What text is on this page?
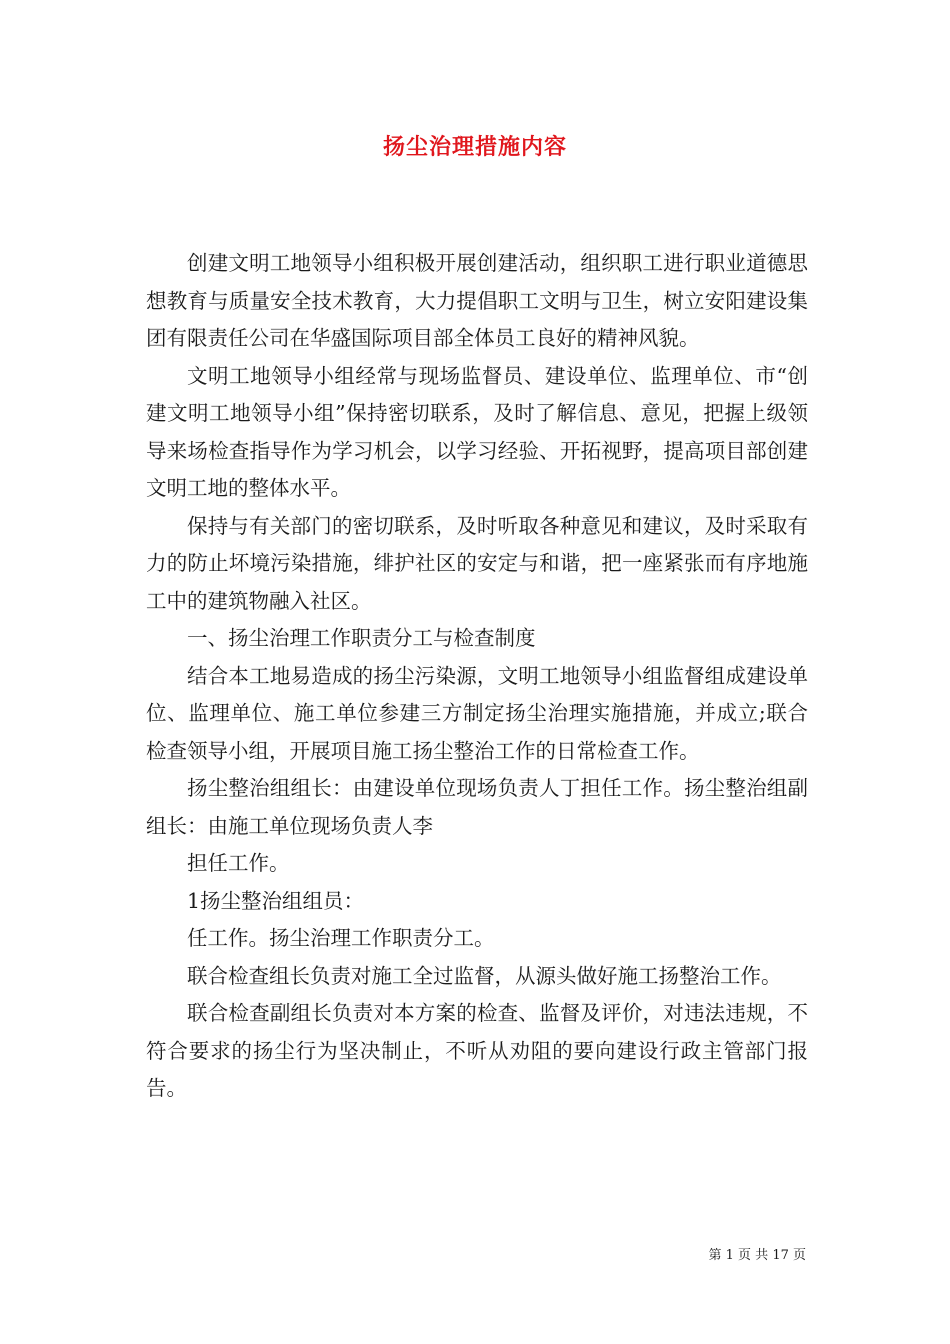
扬尘治理措施内容

创建文明工地领导小组积极开展创建活动，组织职工进行职业道德思想教育与质量安全技术教育，大力提倡职工文明与卫生，树立安阳建设集团有限责任公司在华盛国际项目部全体员工良好的精神风貌。

文明工地领导小组经常与现场监督员、建设单位、监理单位、市“创建文明工地领导小组”保持密切联系，及时了解信息、意见，把握上级领导来场检查指导作为学习机会，以学习经验、开拓视野，提高项目部创建文明工地的整体水平。

保持与有关部门的密切联系，及时听取各种意见和建议，及时采取有力的防止坏境污染措施，绯护社区的安定与和谐，把一座紧张而有序地施工中的建筑物融入社区。

一、扬尘治理工作职责分工与检查制度

结合本工地易造成的扬尘污染源，文明工地领导小组监督组成建设单位、监理单位、施工单位参建三方制定扬尘治理实施措施，并成立;联合检查领导小组，开展项目施工扬尘整治工作的日常检查工作。

扬尘整治组组长：由建设单位现场负责人丁担任工作。扬尘整治组副组长：由施工单位现场负责人李

担任工作。

1扬尘整治组组员：

任工作。扬尘治理工作职责分工。

联合检查组长负责对施工全过监督，从源头做好施工扬整治工作。

联合检查副组长负责对本方案的检查、监督及评价，对违法违规，不符合要求的扬尘行为坚决制止，不听从劝阻的要向建设行政主管部门报告。

第 1 页 共 17 页
